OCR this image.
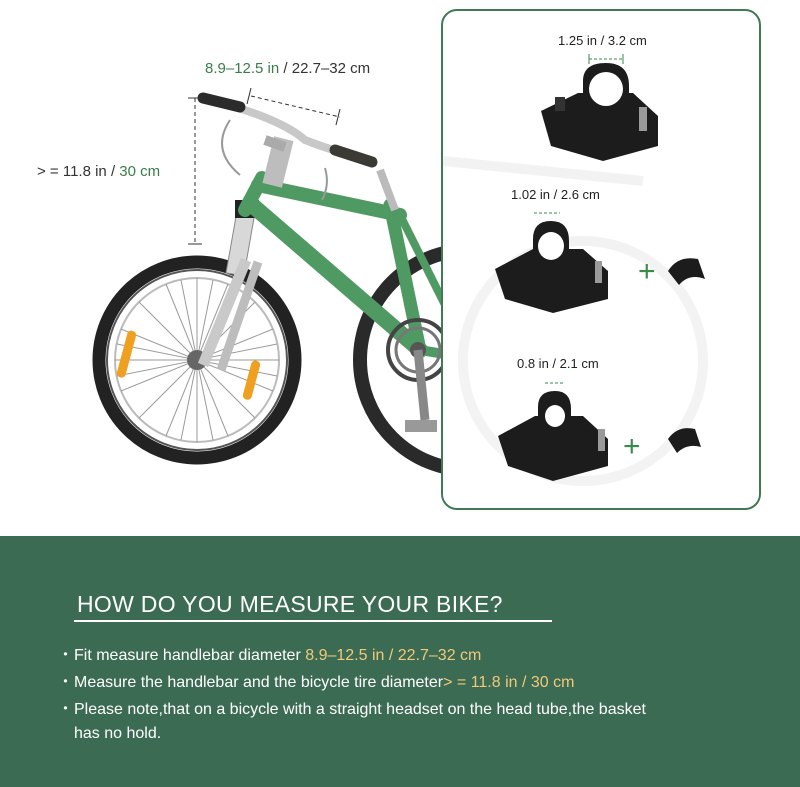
8.9–12.5 in / 22.7–32 cm
> = 11.8 in / 30 cm
+
+
1.25 in / 3.2 cm
1.02 in / 2.6 cm
0.8 in / 2.1 cm
HOW DO YOU MEASURE YOUR BIKE?
• Fit measure handlebar diameter 8.9–12.5 in / 22.7–32 cm
• Measure the handlebar and the bicycle tire diameter> = 11.8 in / 30 cm
• Please note,that on a bicycle with a straight headset on the head tube,the basket
has no hold.
